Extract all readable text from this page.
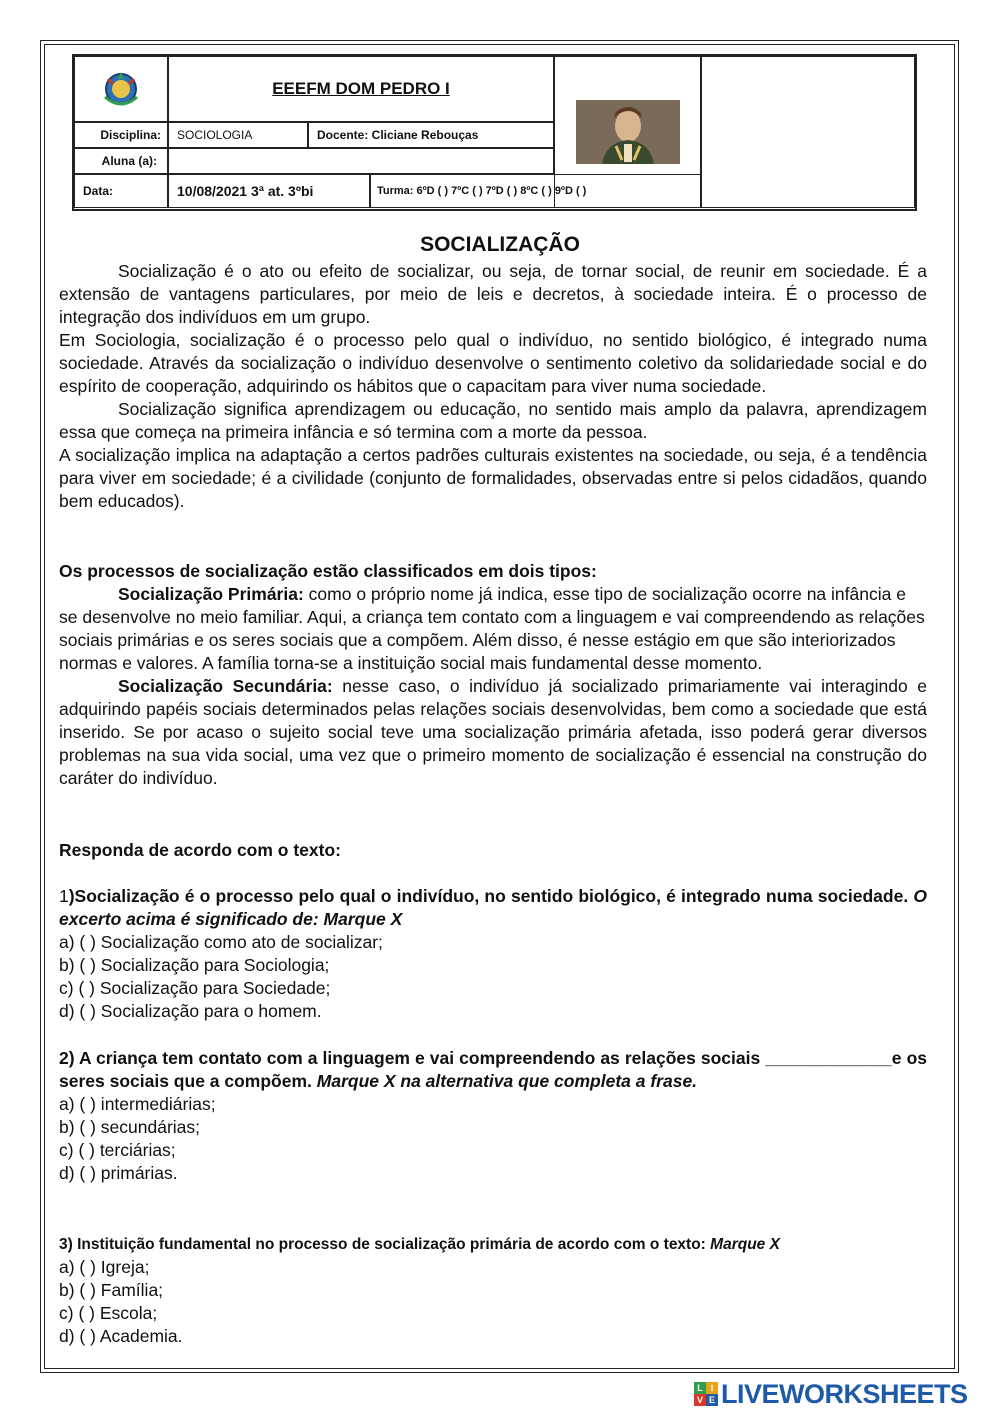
EEEFM DOM PEDRO I
Disciplina:	SOCIOLOGIA	Docente: Cliciane Rebouças
Aluna (a):
Data:	10/08/2021 3ª at. 3ºbi	Turma: 6ºD ( ) 7ºC ( ) 7ºD ( ) 8ºC ( ) 9ºD ( )
SOCIALIZAÇÃO

Socialização é o ato ou efeito de socializar, ou seja, de tornar social, de reunir em sociedade. É a extensão de vantagens particulares, por meio de leis e decretos, à sociedade inteira. É o processo de integração dos indivíduos em um grupo.

Em Sociologia, socialização é o processo pelo qual o indivíduo, no sentido biológico, é integrado numa sociedade. Através da socialização o indivíduo desenvolve o sentimento coletivo da solidariedade social e do espírito de cooperação, adquirindo os hábitos que o capacitam para viver numa sociedade.

Socialização significa aprendizagem ou educação, no sentido mais amplo da palavra, aprendizagem essa que começa na primeira infância e só termina com a morte da pessoa.

A socialização implica na adaptação a certos padrões culturais existentes na sociedade, ou seja, é a tendência para viver em sociedade; é a civilidade (conjunto de formalidades, observadas entre si pelos cidadãos, quando bem educados).

Os processos de socialização estão classificados em dois tipos:

Socialização Primária: como o próprio nome já indica, esse tipo de socialização ocorre na infância e se desenvolve no meio familiar. Aqui, a criança tem contato com a linguagem e vai compreendendo as relações sociais primárias e os seres sociais que a compõem. Além disso, é nesse estágio em que são interiorizados normas e valores. A família torna-se a instituição social mais fundamental desse momento.

Socialização Secundária: nesse caso, o indivíduo já socializado primariamente vai interagindo e adquirindo papéis sociais determinados pelas relações sociais desenvolvidas, bem como a sociedade que está inserido. Se por acaso o sujeito social teve uma socialização primária afetada, isso poderá gerar diversos problemas na sua vida social, uma vez que o primeiro momento de socialização é essencial na construção do caráter do indivíduo.

Responda de acordo com o texto:

1)Socialização é o processo pelo qual o indivíduo, no sentido biológico, é integrado numa sociedade. O excerto acima é significado de: Marque X

a) ( ) Socialização como ato de socializar;
b) ( ) Socialização para Sociologia;
c) ( ) Socialização para Sociedade;
d) ( ) Socialização para o homem.

2) A criança tem contato com a linguagem e vai compreendendo as relações sociais _____________e os seres sociais que a compõem. Marque X na alternativa que completa a frase.

a) ( ) intermediárias;
b) ( ) secundárias;
c) ( ) terciárias;
d) ( ) primárias.

3) Instituição fundamental no processo de socialização primária de acordo com o texto: Marque X

a) ( ) Igreja;
b) ( ) Família;
c) ( ) Escola;
d) ( ) Academia.
L I
V E LIVEWORKSHEETS
